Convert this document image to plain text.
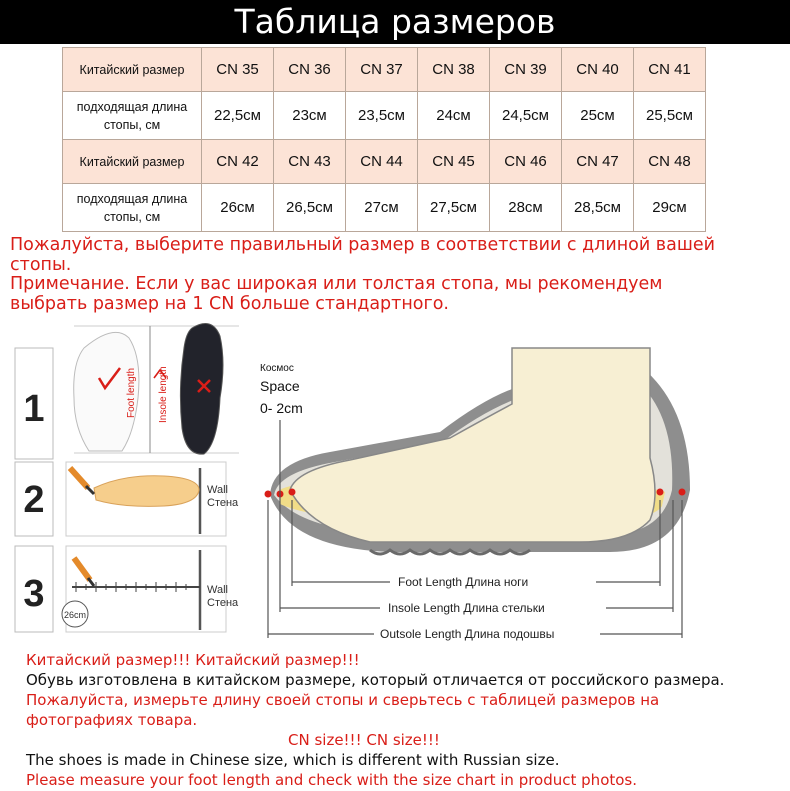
Таблица размеров
Китайский размер	CN 35	CN 36	CN 37	CN 38	CN 39	CN 40	CN 41
подходящая длина
стопы, см	22,5см	23см	23,5см	24см	24,5см	25см	25,5см
Китайский размер	CN 42	CN 43	CN 44	CN 45	CN 46	CN 47	CN 48
подходящая длина
стопы, см	26см	26,5см	27см	27,5см	28см	28,5см	29см
Пожалуйста, выберите правильный размер в соответствии с длиной вашей
стопы.
Примечание. Если у вас широкая или толстая стопа, мы рекомендуем
выбрать размер на 1 CN больше стандартного.
1	Foot length Insole length
2	Wall
Стена
3 26cm
Wall
Стена
Космос
Space
0- 2cm
Foot Length Длина ноги
Insole Length Длина стельки
Outsole Length Длина подошвы
Китайский размер!!! Китайский размер!!!
Обувь изготовлена в китайском размере, который отличается от российского размера.
Пожалуйста, измерьте длину своей стопы и сверьтесь с таблицей размеров на
фотографиях товара.
CN size!!! CN size!!!
The shoes is made in Chinese size, which is different with Russian size.
Please measure your foot length and check with the size chart in product photos.
